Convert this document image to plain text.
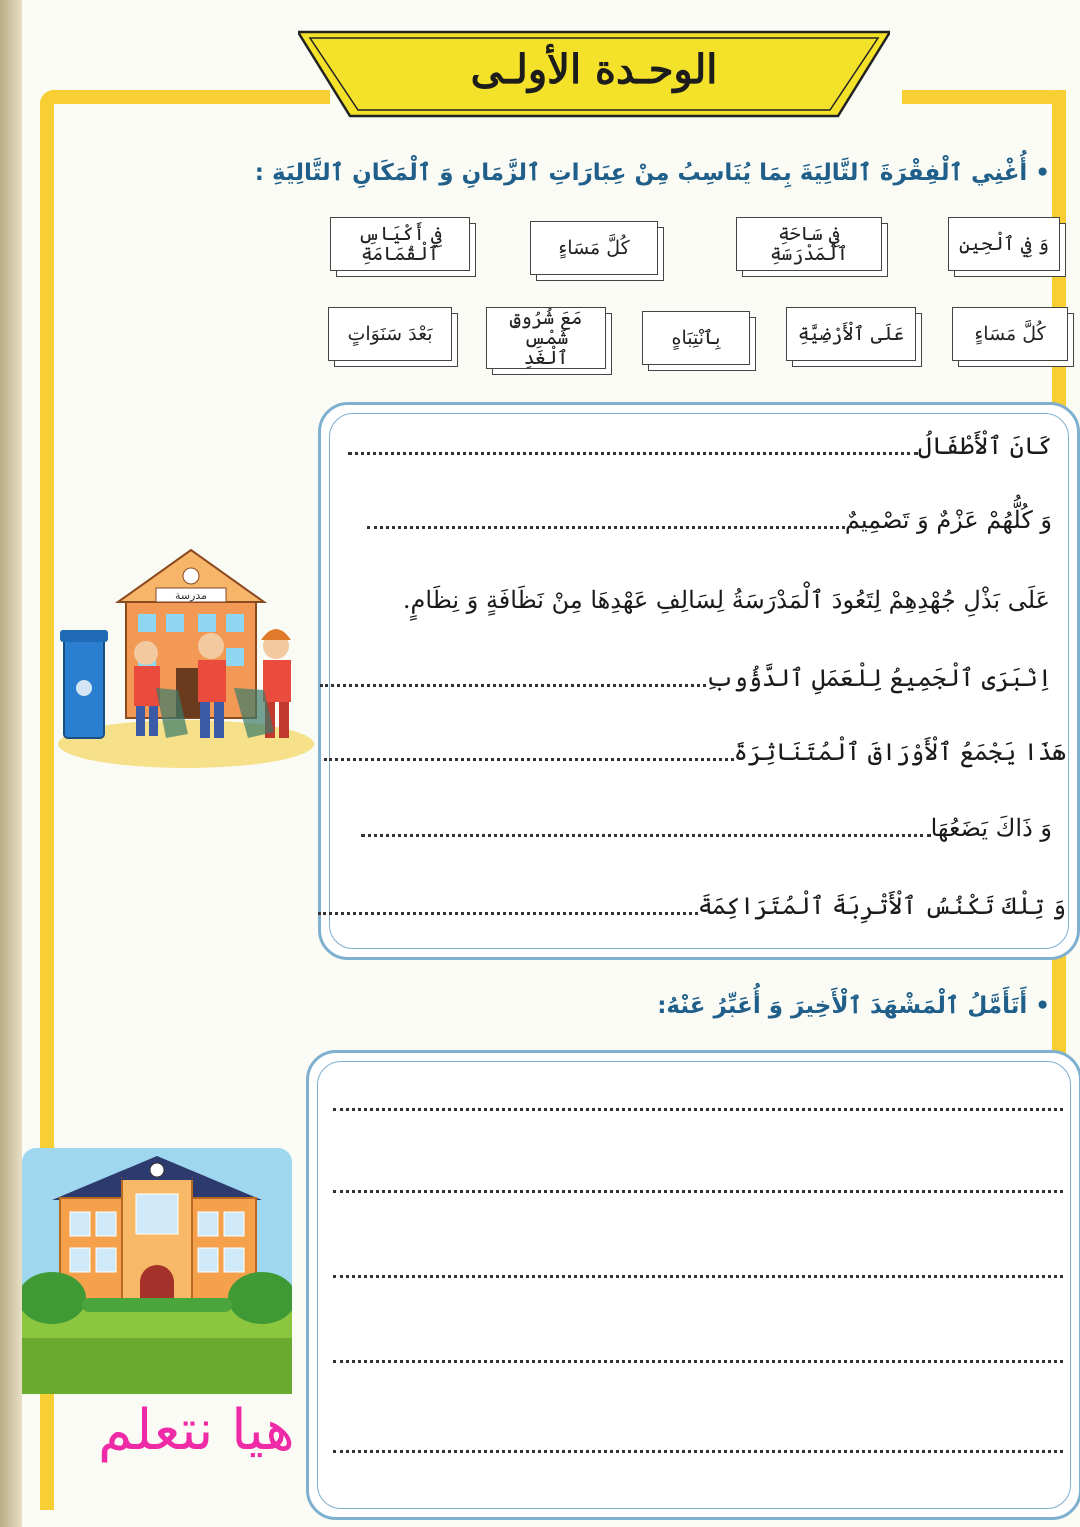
الوحـدة الأولـى
• أُغْنِي ٱلْفِقْرَةَ ٱلتَّالِيَةَ بِمَا يُنَاسِبُ مِنْ عِبَارَاتِ ٱلزَّمَانِ وَ ٱلْمَكَانِ ٱلتَّالِيَةِ :
وَ فِي ٱلْحِينِ
فِي سَاحَةِ ٱلْمَدْرَسَةِ
كُلَّ مَسَاءٍ
فِي أَكْيَاسِ ٱلْقُمَامَةِ
كُلَّ مَسَاءٍ
عَلَى ٱلْأَرْضِيَّةِ
بِٱنْتِبَاهٍ
مَعَ شُرُوقِ شَمْسِ ٱلْغَدِ
بَعْدَ سَنَوَاتٍ
كَانَ ٱلْأَطْفَالُ
وَ كُلُّهُمْ عَزْمٌ وَ تَصْمِيمٌ
عَلَى بَذْلِ جُهْدِهِمْ لِتَعُودَ ٱلْمَدْرَسَةُ لِسَالِفِ عَهْدِهَا مِنْ نَظَافَةٍ وَ نِظَامٍ.
اِنْبَرَى ٱلْجَمِيعُ لِلْعَمَلِ ٱلدَّؤُوبِ
هَذَا يَجْمَعُ ٱلْأَوْرَاقَ ٱلْمُتَنَاثِرَةَ
وَ ذَاكَ يَضَعُهَا
وَ تِلْكَ تَكْنُسُ ٱلْأَتْرِبَةَ ٱلْمُتَرَاكِمَةَ
مدرسة
• أَتَأَمَّلُ ٱلْمَشْهَدَ ٱلْأَخِيرَ وَ أُعَبِّرُ عَنْهُ:
هيا نتعلم
